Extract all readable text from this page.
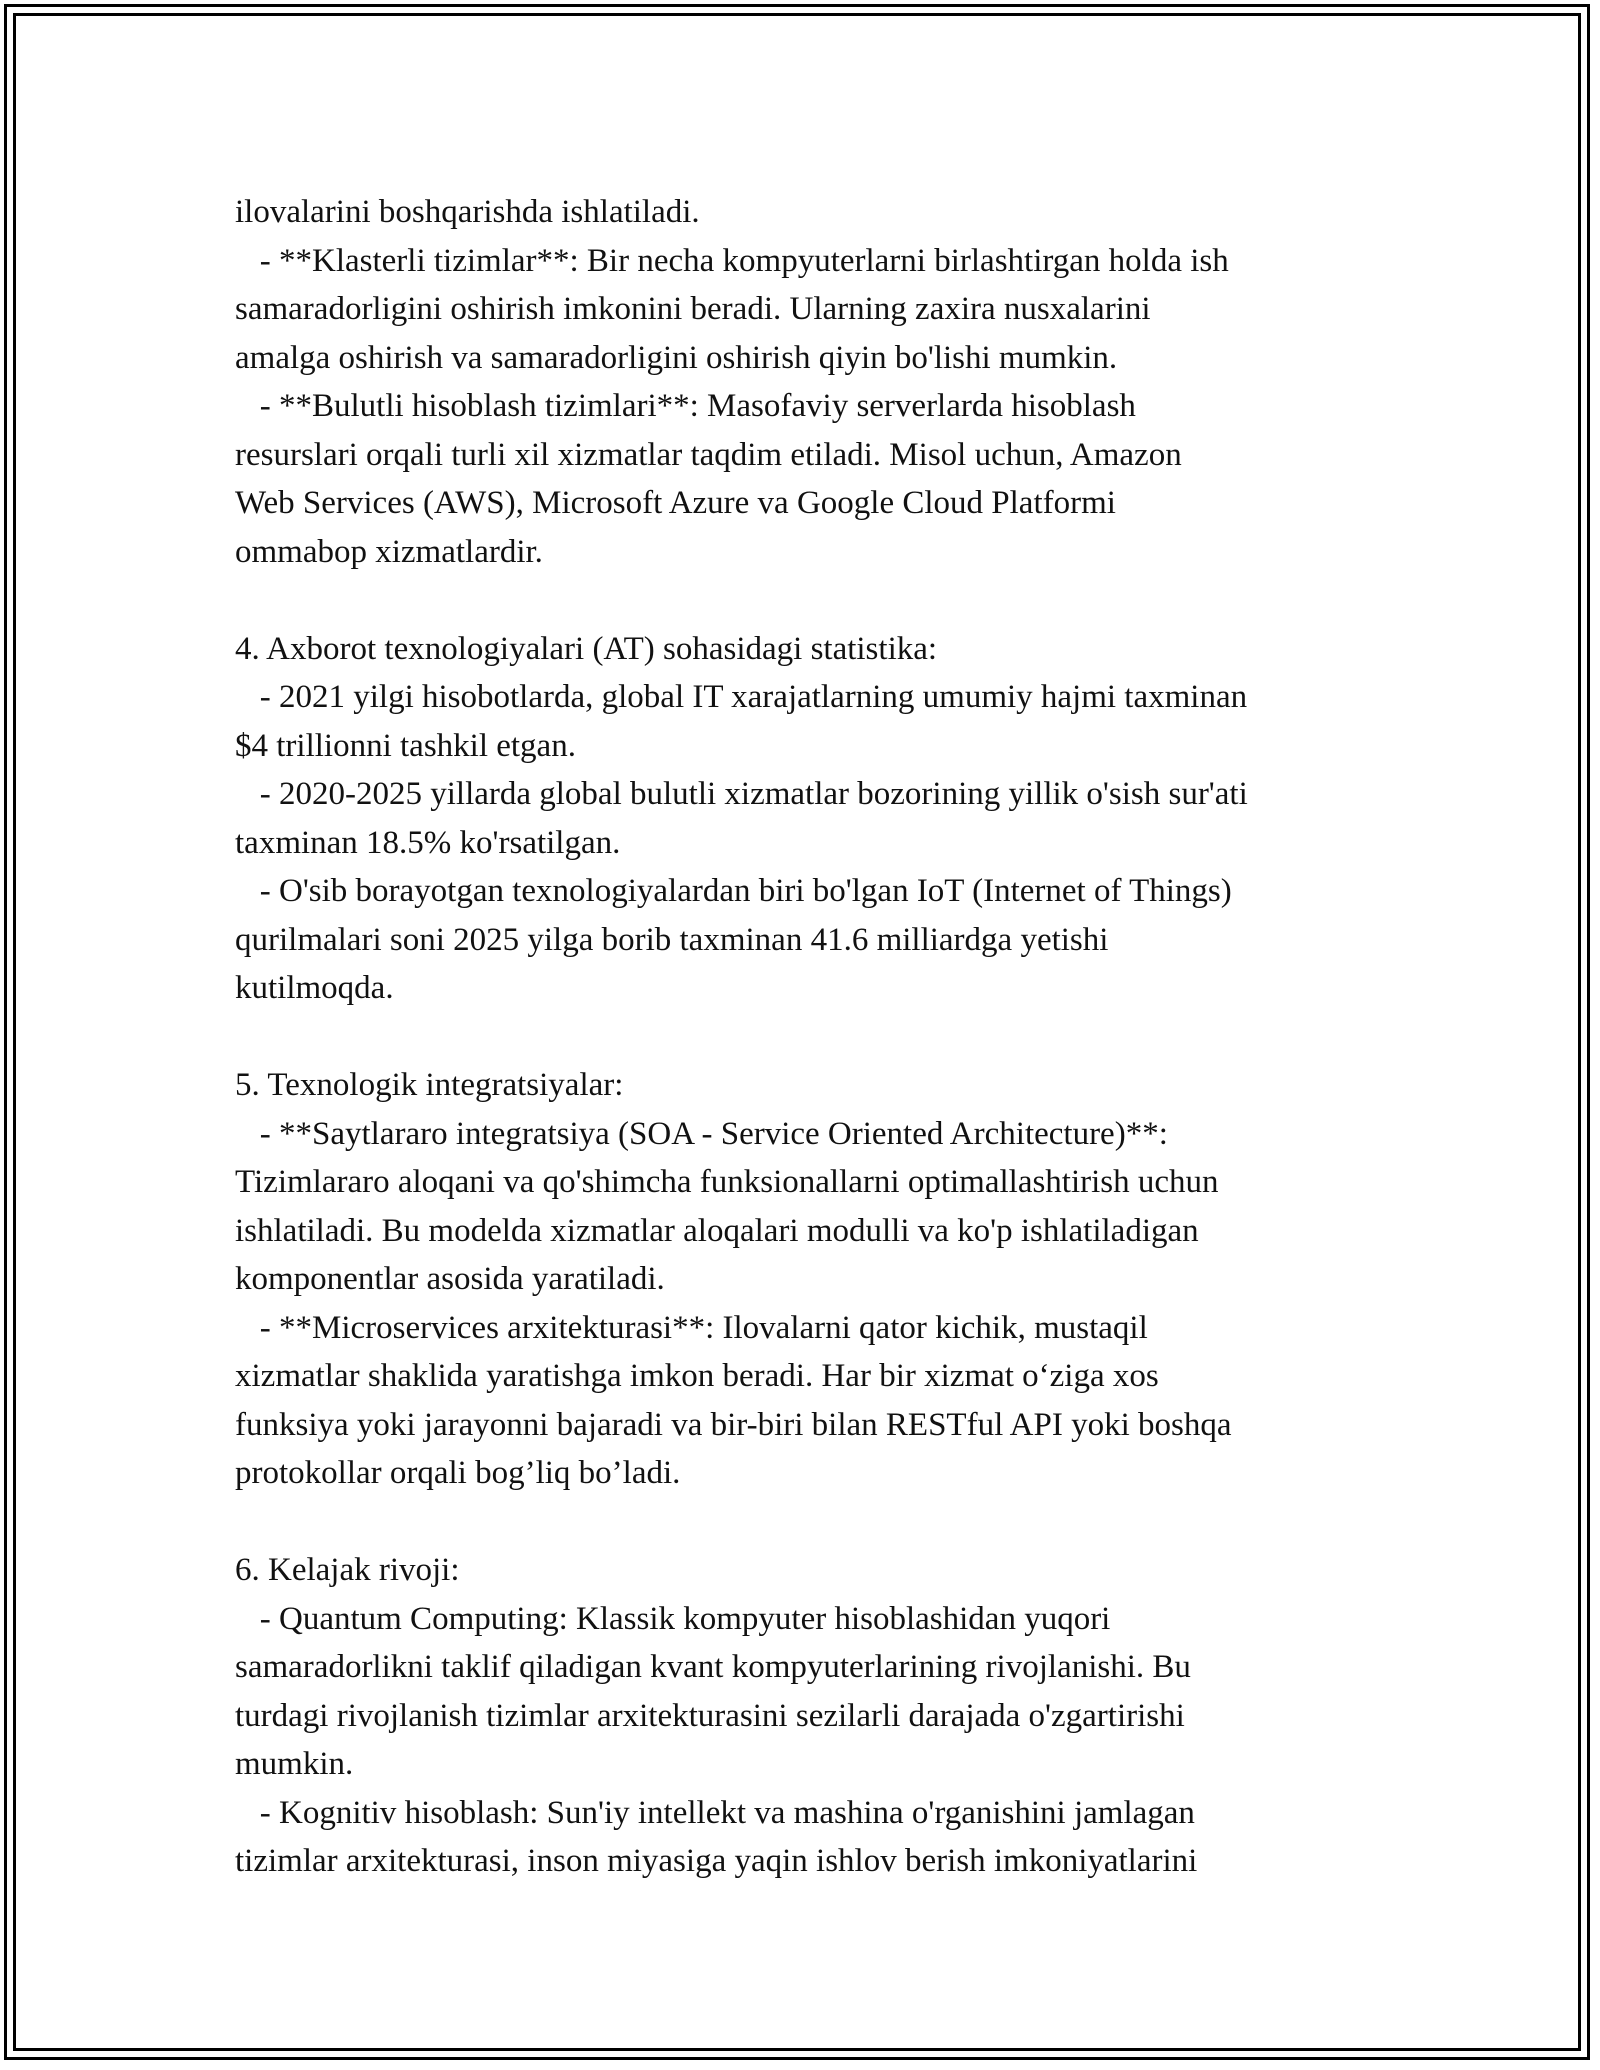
ilovalarini boshqarishda ishlatiladi.
- **Klasterli tizimlar**: Bir necha kompyuterlarni birlashtirgan holda ish
samaradorligini oshirish imkonini beradi. Ularning zaxira nusxalarini
amalga oshirish va samaradorligini oshirish qiyin bo'lishi mumkin.
- **Bulutli hisoblash tizimlari**: Masofaviy serverlarda hisoblash
resurslari orqali turli xil xizmatlar taqdim etiladi. Misol uchun, Amazon
Web Services (AWS), Microsoft Azure va Google Cloud Platformi
ommabop xizmatlardir.
4. Axborot texnologiyalari (AT) sohasidagi statistika:
- 2021 yilgi hisobotlarda, global IT xarajatlarning umumiy hajmi taxminan
$4 trillionni tashkil etgan.
- 2020-2025 yillarda global bulutli xizmatlar bozorining yillik o'sish sur'ati
taxminan 18.5% ko'rsatilgan.
- O'sib borayotgan texnologiyalardan biri bo'lgan IoT (Internet of Things)
qurilmalari soni 2025 yilga borib taxminan 41.6 milliardga yetishi
kutilmoqda.
5. Texnologik integratsiyalar:
- **Saytlararo integratsiya (SOA - Service Oriented Architecture)**:
Tizimlararo aloqani va qo'shimcha funksionallarni optimallashtirish uchun
ishlatiladi. Bu modelda xizmatlar aloqalari modulli va ko'p ishlatiladigan
komponentlar asosida yaratiladi.
- **Microservices arxitekturasi**: Ilovalarni qator kichik, mustaqil
xizmatlar shaklida yaratishga imkon beradi. Har bir xizmat o‘ziga xos
funksiya yoki jarayonni bajaradi va bir-biri bilan RESTful API yoki boshqa
protokollar orqali bog’liq bo’ladi.
6. Kelajak rivoji:
- Quantum Computing: Klassik kompyuter hisoblashidan yuqori
samaradorlikni taklif qiladigan kvant kompyuterlarining rivojlanishi. Bu
turdagi rivojlanish tizimlar arxitekturasini sezilarli darajada o'zgartirishi
mumkin.
- Kognitiv hisoblash: Sun'iy intellekt va mashina o'rganishini jamlagan
tizimlar arxitekturasi, inson miyasiga yaqin ishlov berish imkoniyatlarini
